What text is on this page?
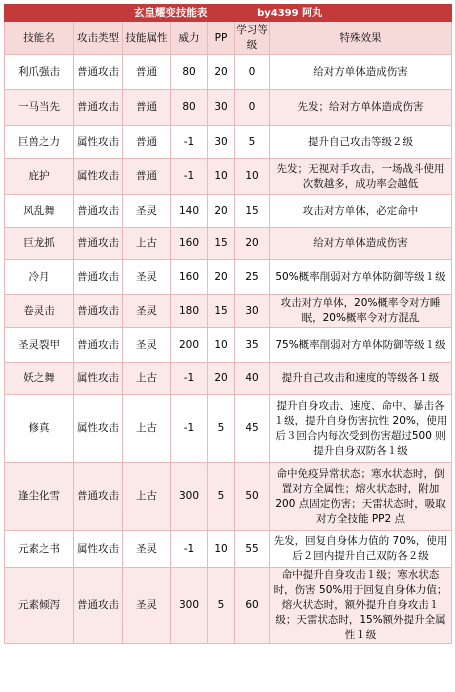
玄皇耀变技能表 by4399 阿丸						
技能名	攻击类型	技能属性	威力	PP	学习等级	特殊效果
利爪强击	普通攻击	普通	80	20	0	给对方单体造成伤害
一马当先	普通攻击	普通	80	30	0	先发；给对方单体造成伤害
巨兽之力	属性攻击	普通	-1	30	5	提升自己攻击等级２级
庇护	属性攻击	普通	-1	10	10	先发；无视对手攻击，一场战斗使用次数越多，成功率会越低
风乱舞	普通攻击	圣灵	140	20	15	攻击对方单体，必定命中
巨龙抓	普通攻击	上古	160	15	20	给对方单体造成伤害
冷月	普通攻击	圣灵	160	20	25	50%概率削弱对方单体防御等级１级
卷灵击	普通攻击	圣灵	180	15	30	攻击对方单体，20%概率令对方睡眠，20%概率令对方混乱
圣灵裂甲	普通攻击	圣灵	200	10	35	75%概率削弱对方单体防御等级１级
妖之舞	属性攻击	上古	-1	20	40	提升自己攻击和速度的等级各１级
修真	属性攻击	上古	-1	5	45	提升自身攻击、速度、命中、暴击各１级，提升自身伤害抗性 20%，使用后３回合内每次受到伤害超过500 则提升自身双防各１级
逢尘化雪	普通攻击	上古	300	5	50	命中免疫异常状态；寒水状态时，倒置对方全属性；熔火状态时，附加 200 点固定伤害；天雷状态时，吸取对方全技能 PP2 点
元素之书	属性攻击	圣灵	-1	10	55	先发，回复自身体力值的 70%，使用后２回内提升自己双防各２级
元素倾泻	普通攻击	圣灵	300	5	60	命中提升自身攻击１级；寒水状态时，伤害 50%用于回复自身体力值；熔火状态时，额外提升自身攻击１级；天雷状态时，15%额外提升全属性１级
